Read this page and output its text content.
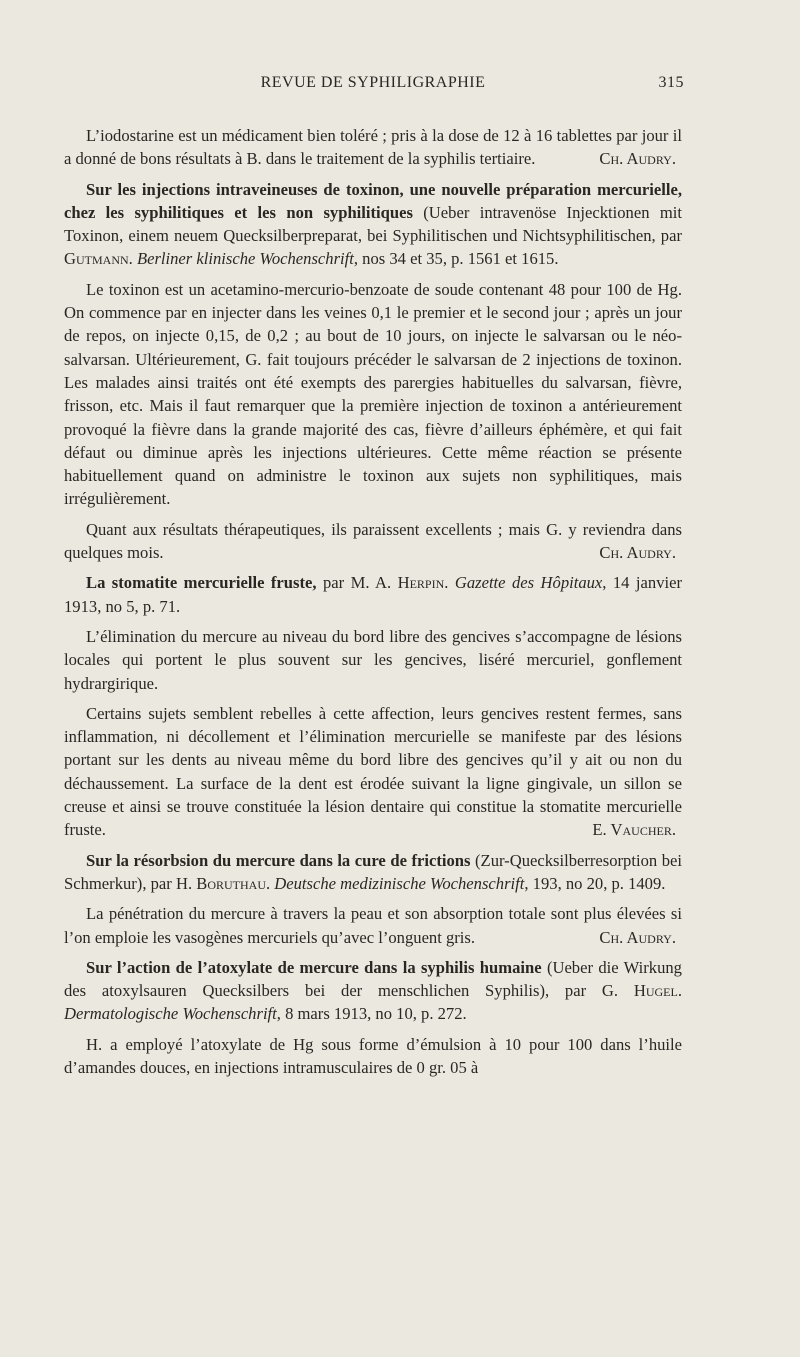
REVUE DE SYPHILIGRAPHIE	315

L’iodostarine est un médicament bien toléré ; pris à la dose de 12 à 16 tablettes par jour il a donné de bons résultats à B. dans le traitement de la syphilis tertiaire.	Ch. Audry.

Sur les injections intraveineuses de toxinon, une nouvelle préparation mercurielle, chez les syphilitiques et les non syphilitiques (Ueber intravenöse Injecktionen mit Toxinon, einem neuem Quecksilberpreparat, bei Syphilitischen und Nichtsyphilitischen, par Gutmann. Berliner klinische Wochenschrift, nos 34 et 35, p. 1561 et 1615.

Le toxinon est un acetamino-mercurio-benzoate de soude contenant 48 pour 100 de Hg. On commence par en injecter dans les veines 0,1 le premier et le second jour ; après un jour de repos, on injecte 0,15, de 0,2 ; au bout de 10 jours, on injecte le salvarsan ou le néo-salvarsan. Ultérieurement, G. fait toujours précéder le salvarsan de 2 injections de toxinon. Les malades ainsi traités ont été exempts des parergies habituelles du salvarsan, fièvre, frisson, etc. Mais il faut remarquer que la première injection de toxinon a antérieurement provoqué la fièvre dans la grande majorité des cas, fièvre d’ailleurs éphémère, et qui fait défaut ou diminue après les injections ultérieures. Cette même réaction se présente habituellement quand on administre le toxinon aux sujets non syphilitiques, mais irrégulièrement.

Quant aux résultats thérapeutiques, ils paraissent excellents ; mais G. y reviendra dans quelques mois.	Ch. Audry.

La stomatite mercurielle fruste, par M. A. Herpin. Gazette des Hôpitaux, 14 janvier 1913, no 5, p. 71.

L’élimination du mercure au niveau du bord libre des gencives s’accompagne de lésions locales qui portent le plus souvent sur les gencives, liséré mercuriel, gonflement hydrargirique.

Certains sujets semblent rebelles à cette affection, leurs gencives restent fermes, sans inflammation, ni décollement et l’élimination mercurielle se manifeste par des lésions portant sur les dents au niveau même du bord libre des gencives qu’il y ait ou non du déchaussement. La surface de la dent est érodée suivant la ligne gingivale, un sillon se creuse et ainsi se trouve constituée la lésion dentaire qui constitue la stomatite mercurielle fruste.	E. Vaucher.

Sur la résorbsion du mercure dans la cure de frictions (Zur-Quecksilberresorption bei Schmerkur), par H. Boruthau. Deutsche medizinische Wochenschrift, 193, no 20, p. 1409.

La pénétration du mercure à travers la peau et son absorption totale sont plus élevées si l’on emploie les vasogènes mercuriels qu’avec l’onguent gris.	Ch. Audry.

Sur l’action de l’atoxylate de mercure dans la syphilis humaine (Ueber die Wirkung des atoxylsauren Quecksilbers bei der menschlichen Syphilis), par G. Hugel. Dermatologische Wochenschrift, 8 mars 1913, no 10, p. 272.

H. a employé l’atoxylate de Hg sous forme d’émulsion à 10 pour 100 dans l’huile d’amandes douces, en injections intramusculaires de 0 gr. 05 à
